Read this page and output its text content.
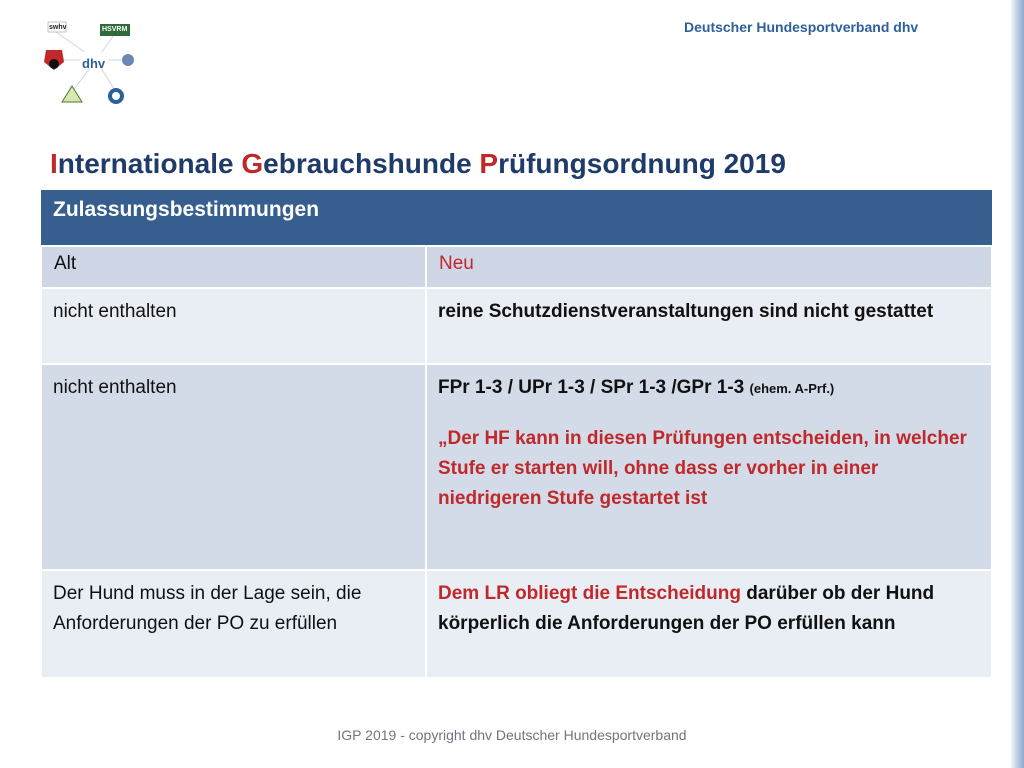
Deutscher Hundesportverband dhv
swhv	HSVRM
dhv
Internationale Gebrauchshunde Prüfungsordnung 2019
Zulassungsbestimmungen	
Alt	Neu
nicht enthalten	reine Schutzdienstveranstaltungen sind nicht gestattet
nicht enthalten	FPr 1-3 / UPr 1-3 / SPr 1-3 /GPr 1-3 (ehem. A-Prf.)
„Der HF kann in diesen Prüfungen entscheiden, in welcher Stufe er starten will, ohne dass er vorher in einer niedrigeren Stufe gestartet ist

Der Hund muss in der Lage sein, die Anforderungen der PO zu erfüllen	Dem LR obliegt die Entscheidung darüber ob der Hund körperlich die Anforderungen der PO erfüllen kann
IGP 2019 - copyright dhv Deutscher Hundesportverband
